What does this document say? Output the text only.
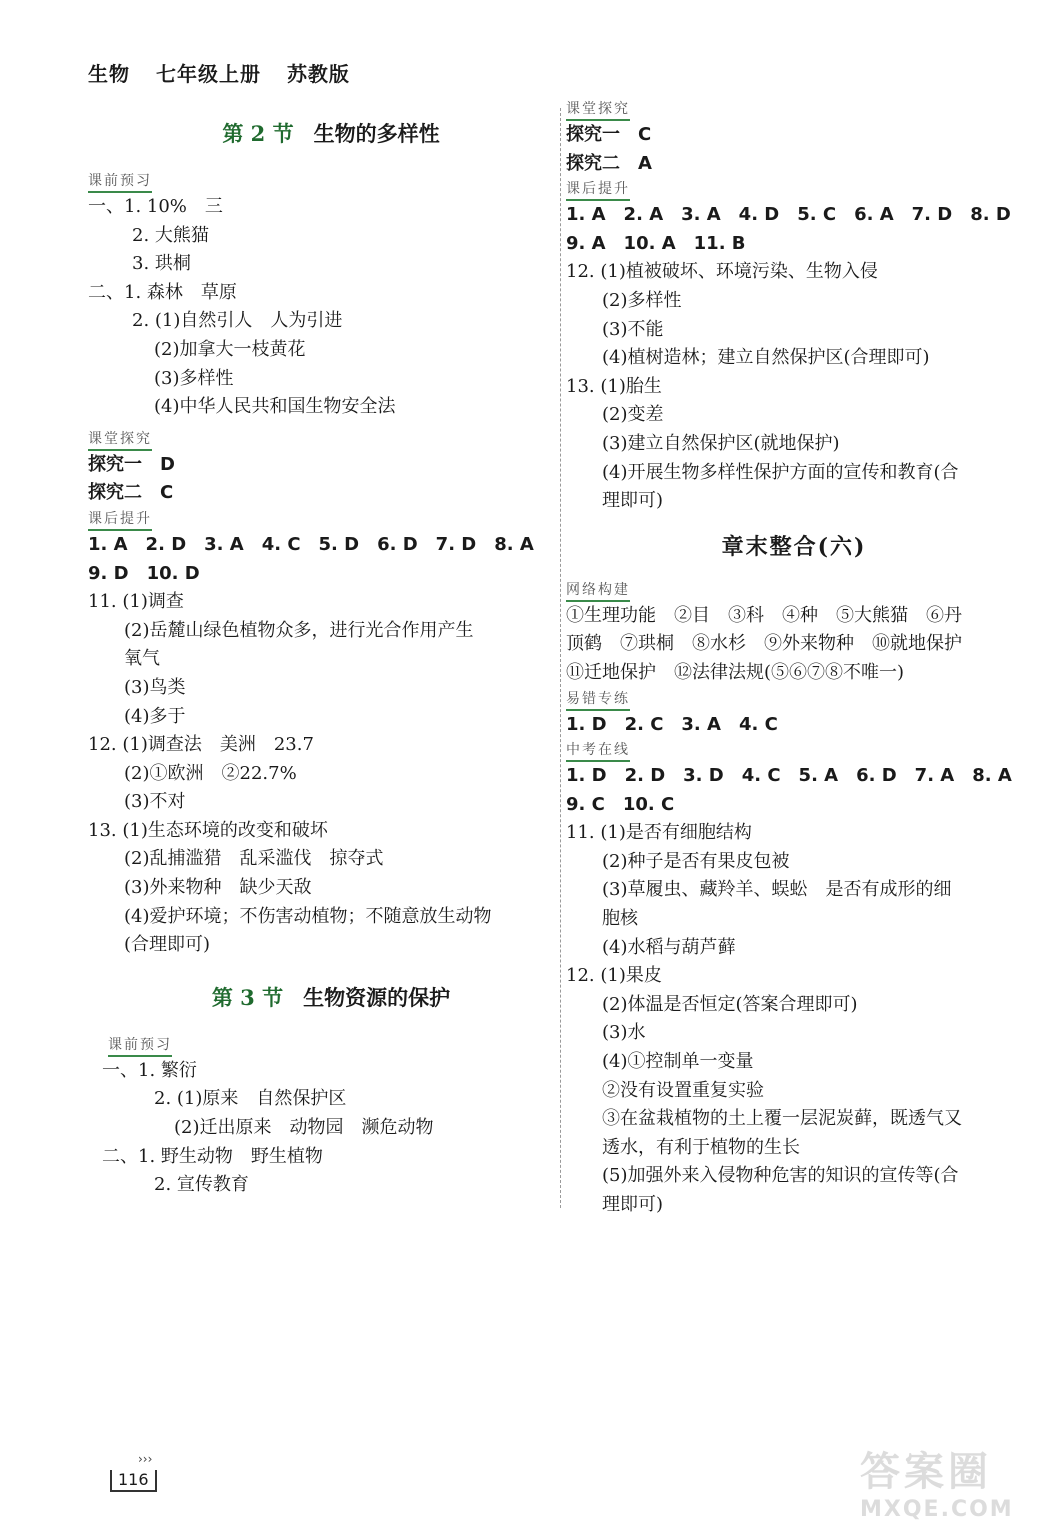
生物 七年级上册 苏教版
第 2 节 生物的多样性
课前预习
一、1. 10%　三
2. 大熊猫
3. 珙桐
二、1. 森林　草原
2. (1)自然引人　人为引进
(2)加拿大一枝黄花
(3)多样性
(4)中华人民共和国生物安全法
课堂探究
探究一　D
探究二　C
课后提升
1. A　2. D　3. A　4. C　5. D　6. D　7. D　8. A
9. D　10. D
11. (1)调查
(2)岳麓山绿色植物众多，进行光合作用产生
氧气
(3)鸟类
(4)多于
12. (1)调查法　美洲　23.7
(2)①欧洲　②22.7%
(3)不对
13. (1)生态环境的改变和破坏
(2)乱捕滥猎　乱采滥伐　掠夺式
(3)外来物种　缺少天敌
(4)爱护环境；不伤害动植物；不随意放生动物
(合理即可)
第 3 节 生物资源的保护
课前预习
一、1. 繁衍
2. (1)原来　自然保护区
(2)迁出原来　动物园　濒危动物
二、1. 野生动物　野生植物
2. 宣传教育
课堂探究
探究一　C
探究二　A
课后提升
1. A　2. A　3. A　4. D　5. C　6. A　7. D　8. D
9. A　10. A　11. B
12. (1)植被破坏、环境污染、生物入侵
(2)多样性
(3)不能
(4)植树造林；建立自然保护区(合理即可)
13. (1)胎生
(2)变差
(3)建立自然保护区(就地保护)
(4)开展生物多样性保护方面的宣传和教育(合
理即可)
章末整合(六)
网络构建
①生理功能　②目　③科　④种　⑤大熊猫　⑥丹
顶鹤　⑦珙桐　⑧水杉　⑨外来物种　⑩就地保护
⑪迁地保护　⑫法律法规(⑤⑥⑦⑧不唯一)
易错专练
1. D　2. C　3. A　4. C
中考在线
1. D　2. D　3. D　4. C　5. A　6. D　7. A　8. A
9. C　10. C
11. (1)是否有细胞结构
(2)种子是否有果皮包被
(3)草履虫、藏羚羊、蜈蚣　是否有成形的细
胞核
(4)水稻与葫芦藓
12. (1)果皮
(2)体温是否恒定(答案合理即可)
(3)水
(4)①控制单一变量
②没有设置重复实验
③在盆栽植物的土上覆一层泥炭藓，既透气又
透水，有利于植物的生长
(5)加强外来入侵物种危害的知识的宣传等(合
理即可)
›››
116	答案圈
MXQE.COM
